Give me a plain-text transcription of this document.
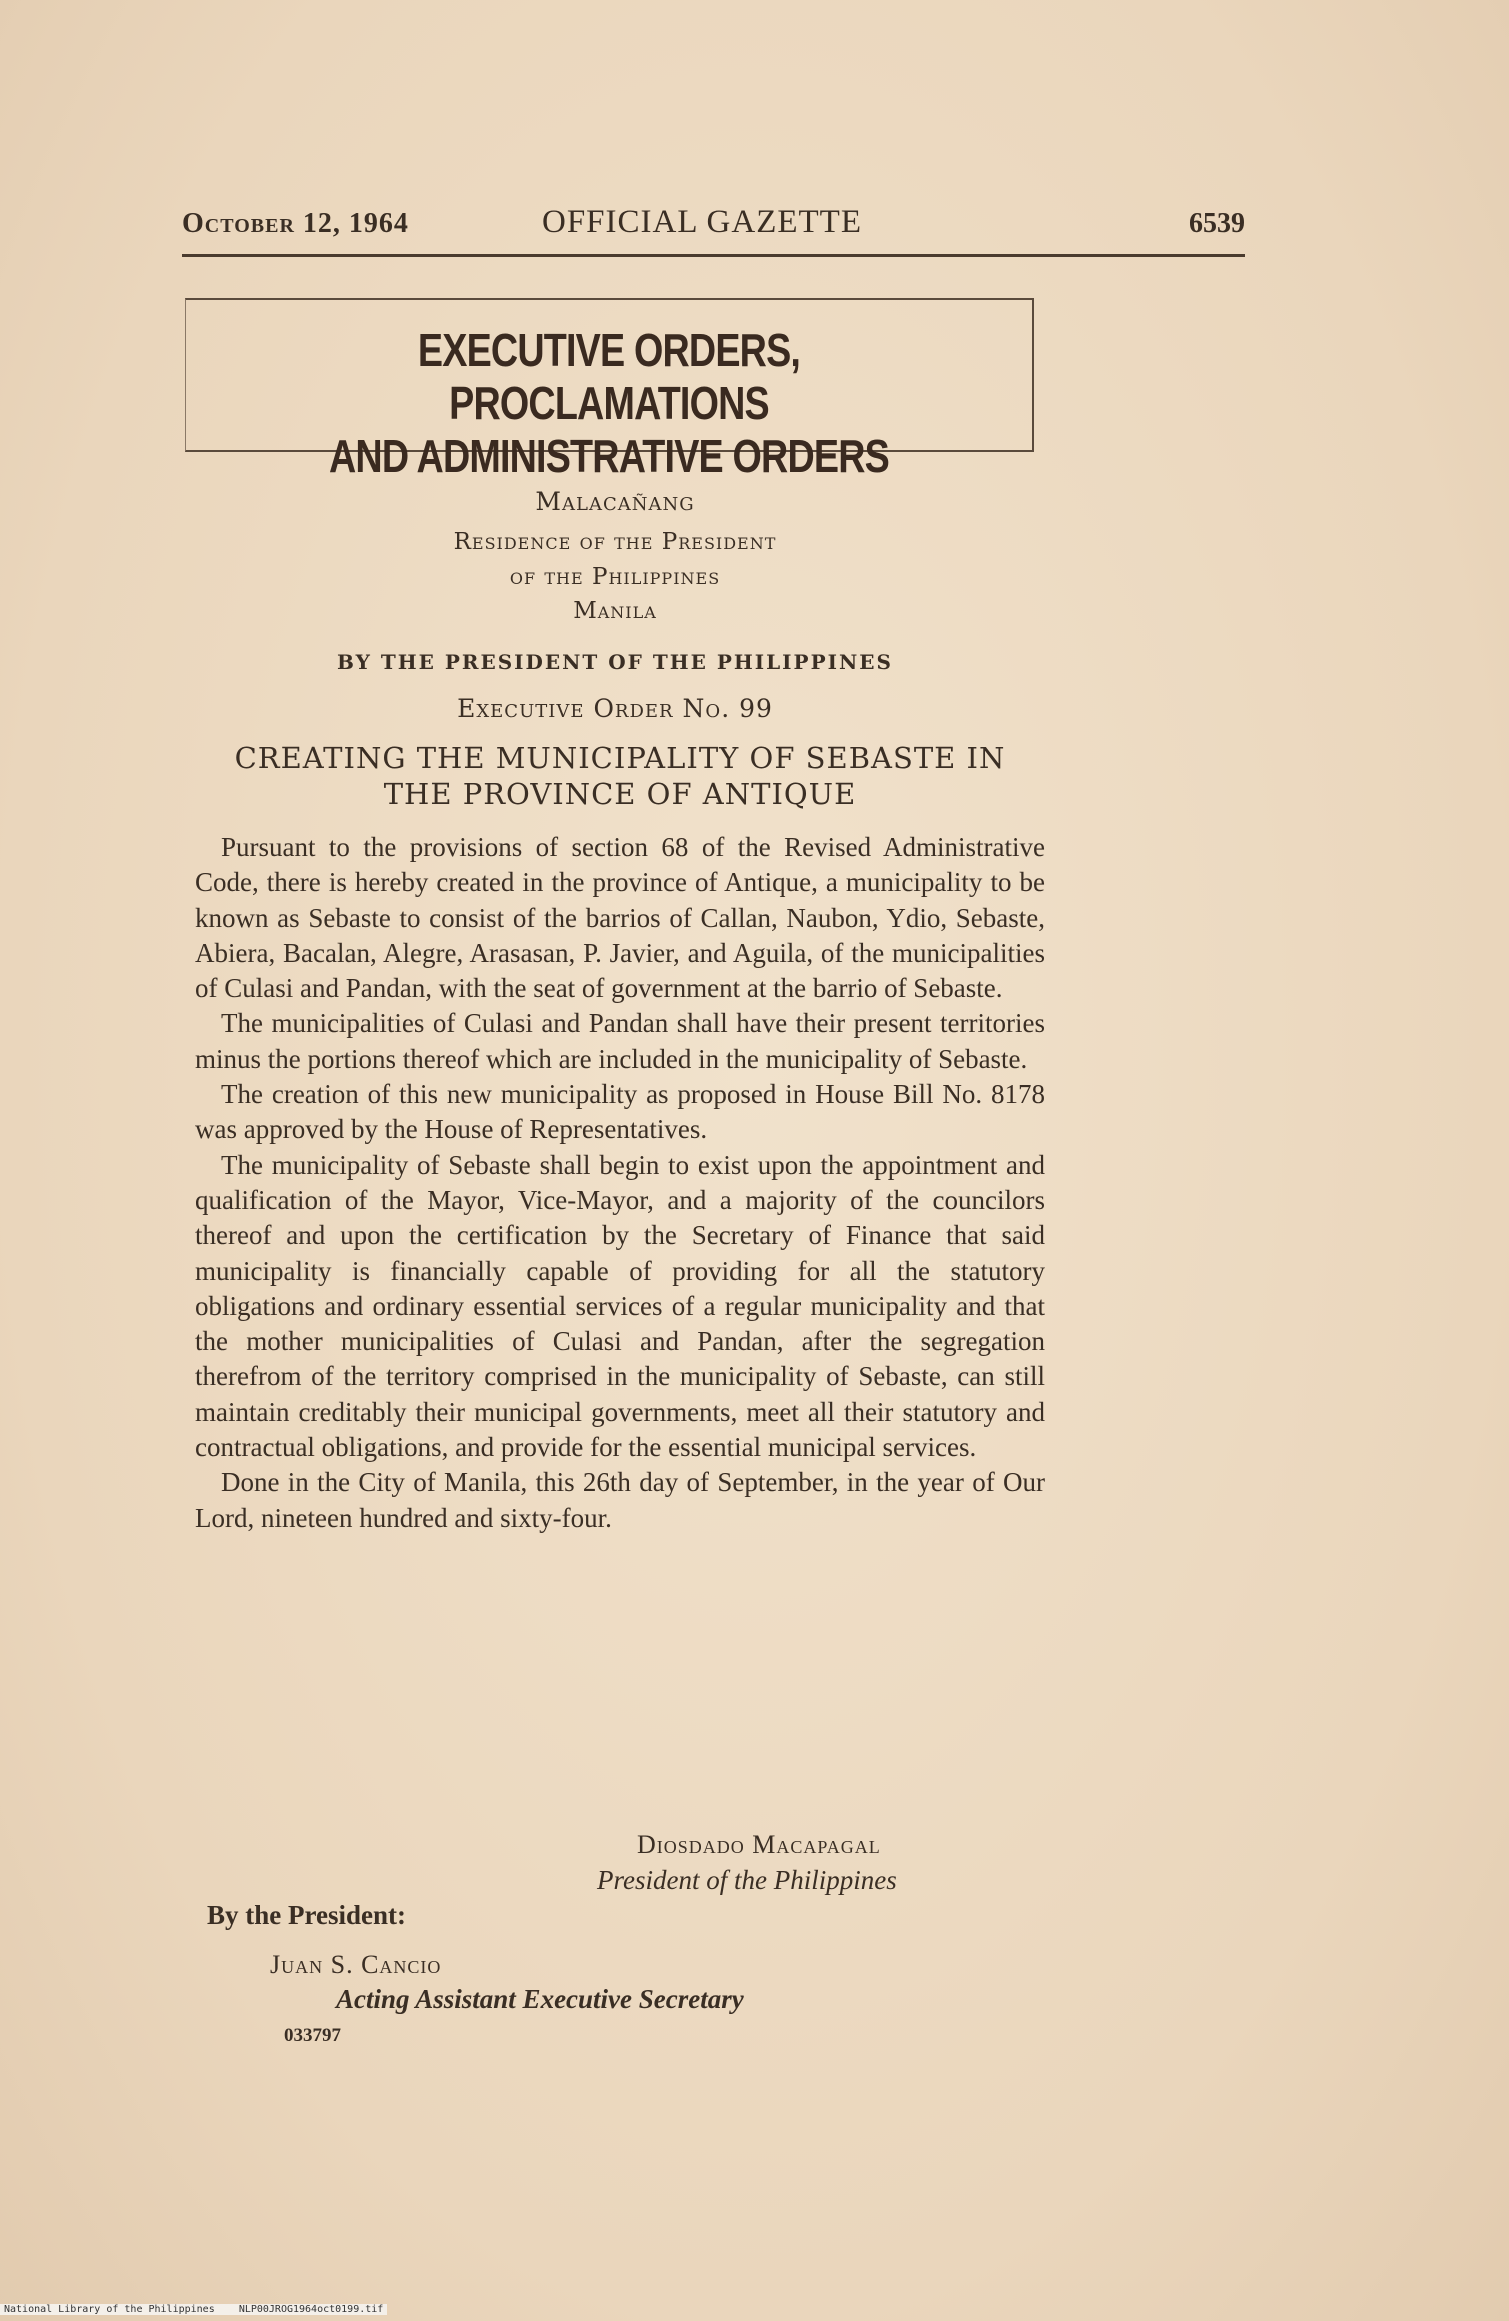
October 12, 1964	OFFICIAL GAZETTE	6539
EXECUTIVE ORDERS, PROCLAMATIONS
AND ADMINISTRATIVE ORDERS
Malacañang
Residence of the President
of the Philippines
Manila
BY THE PRESIDENT OF THE PHILIPPINES
Executive Order No. 99
CREATING THE MUNICIPALITY OF SEBASTE IN
THE PROVINCE OF ANTIQUE

Pursuant to the provisions of section 68 of the Revised Administrative Code, there is hereby created in the province of Antique, a municipality to be known as Sebaste to consist of the barrios of Callan, Naubon, Ydio, Sebaste, Abiera, Bacalan, Alegre, Arasasan, P. Javier, and Aguila, of the municipalities of Culasi and Pandan, with the seat of government at the barrio of Sebaste.

The municipalities of Culasi and Pandan shall have their present territories minus the portions thereof which are included in the municipality of Sebaste.

The creation of this new municipality as proposed in House Bill No. 8178 was approved by the House of Representatives.

The municipality of Sebaste shall begin to exist upon the appointment and qualification of the Mayor, Vice-Mayor, and a majority of the councilors thereof and upon the certification by the Secretary of Finance that said municipality is financially capable of providing for all the statutory obligations and ordinary essential services of a regular municipality and that the mother municipalities of Culasi and Pandan, after the segregation therefrom of the territory comprised in the municipality of Sebaste, can still maintain creditably their municipal governments, meet all their statutory and contractual obligations, and provide for the essential municipal services.

Done in the City of Manila, this 26th day of September, in the year of Our Lord, nineteen hundred and sixty-four.

Diosdado Macapagal
President of the Philippines
By the President:
Juan S. Cancio
Acting Assistant Executive Secretary
033797
National Library of the Philippines NLP00JROG1964oct0199.tif
